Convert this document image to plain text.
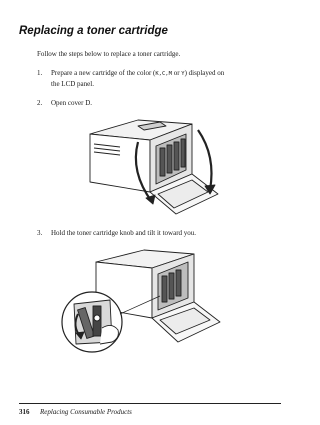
Replacing a toner cartridge
Follow the steps below to replace a toner cartridge.
1. Prepare a new cartridge of the color (К,С,М or Y) displayed on
the LCD panel.
2. Open cover D.
3. Hold the toner cartridge knob and tilt it toward you.
316 Replacing Consumable Products
